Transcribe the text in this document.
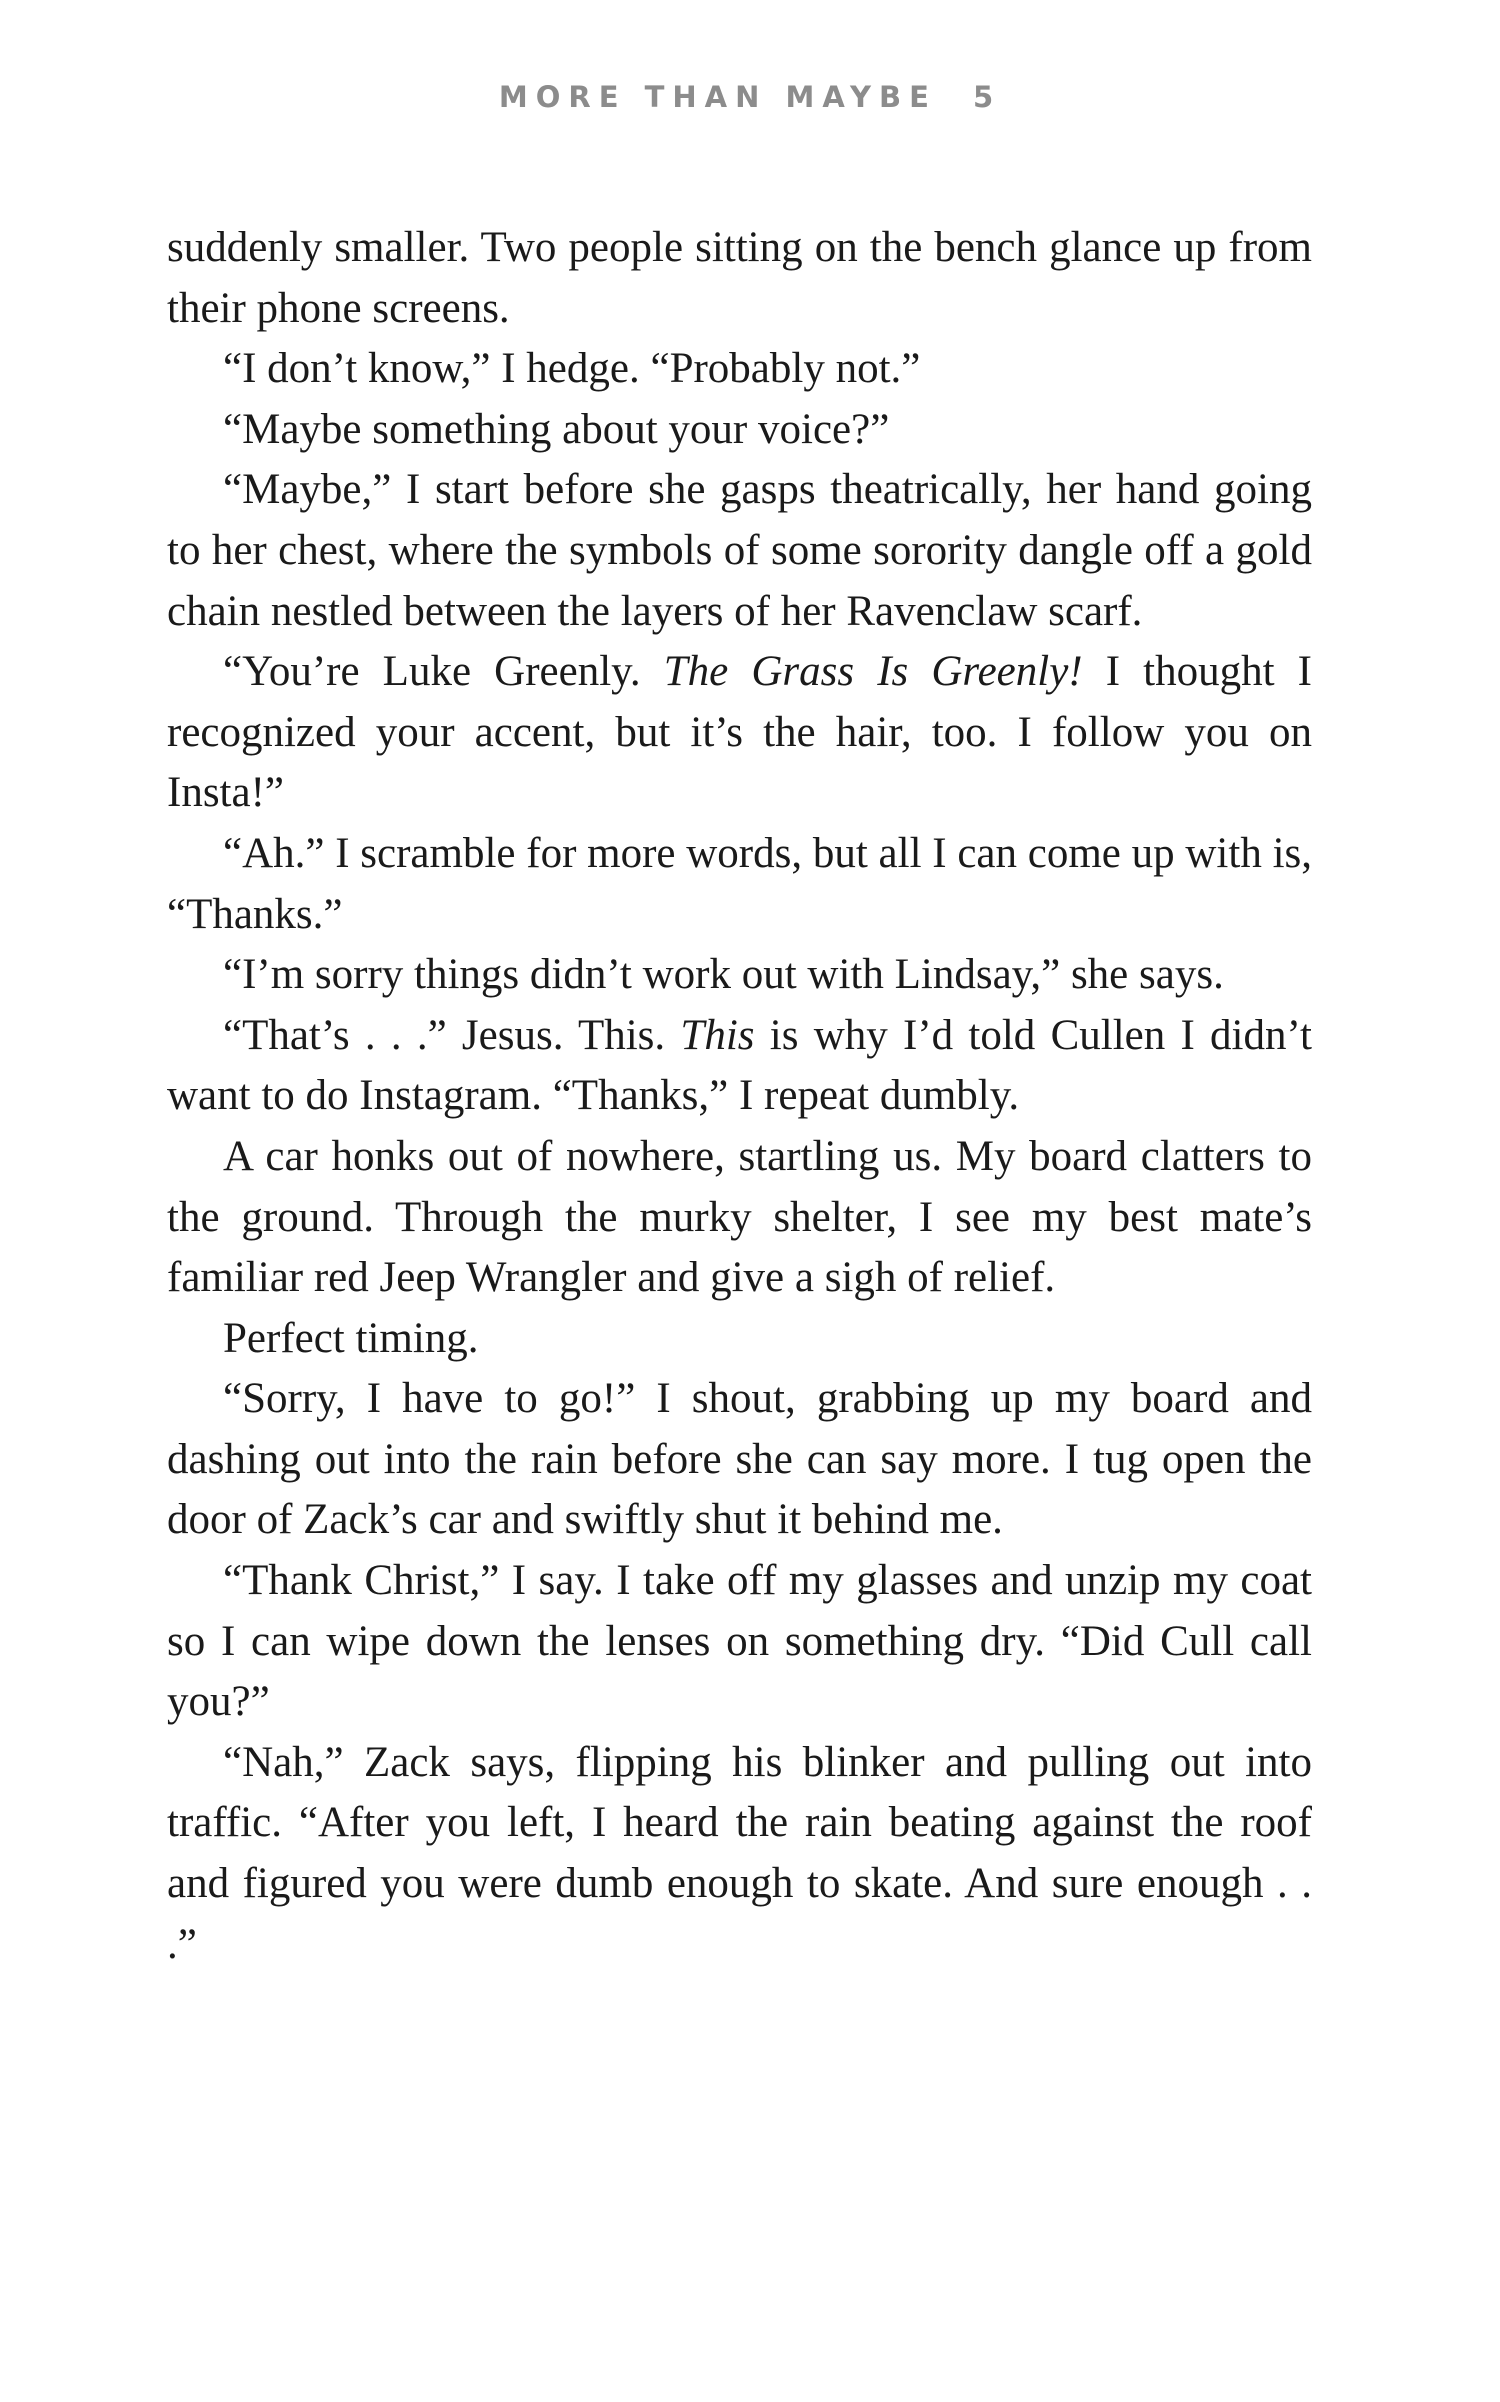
MORE THAN MAYBE 5

suddenly smaller. Two people sitting on the bench glance up from their phone screens.

“I don’t know,” I hedge. “Probably not.”

“Maybe something about your voice?”

“Maybe,” I start before she gasps theatrically, her hand going to her chest, where the symbols of some sorority dangle off a gold chain nestled between the layers of her Ravenclaw scarf.

“You’re Luke Greenly. The Grass Is Greenly! I thought I recognized your accent, but it’s the hair, too. I follow you on Insta!”

“Ah.” I scramble for more words, but all I can come up with is, “Thanks.”

“I’m sorry things didn’t work out with Lindsay,” she says.

“That’s . . .” Jesus. This. This is why I’d told Cullen I didn’t want to do Instagram. “Thanks,” I repeat dumbly.

A car honks out of nowhere, startling us. My board clatters to the ground. Through the murky shelter, I see my best mate’s familiar red Jeep Wrangler and give a sigh of relief.

Perfect timing.

“Sorry, I have to go!” I shout, grabbing up my board and dashing out into the rain before she can say more. I tug open the door of Zack’s car and swiftly shut it behind me.

“Thank Christ,” I say. I take off my glasses and unzip my coat so I can wipe down the lenses on something dry. “Did Cull call you?”

“Nah,” Zack says, flipping his blinker and pulling out into traffic. “After you left, I heard the rain beating against the roof and figured you were dumb enough to skate. And sure enough . . .”
